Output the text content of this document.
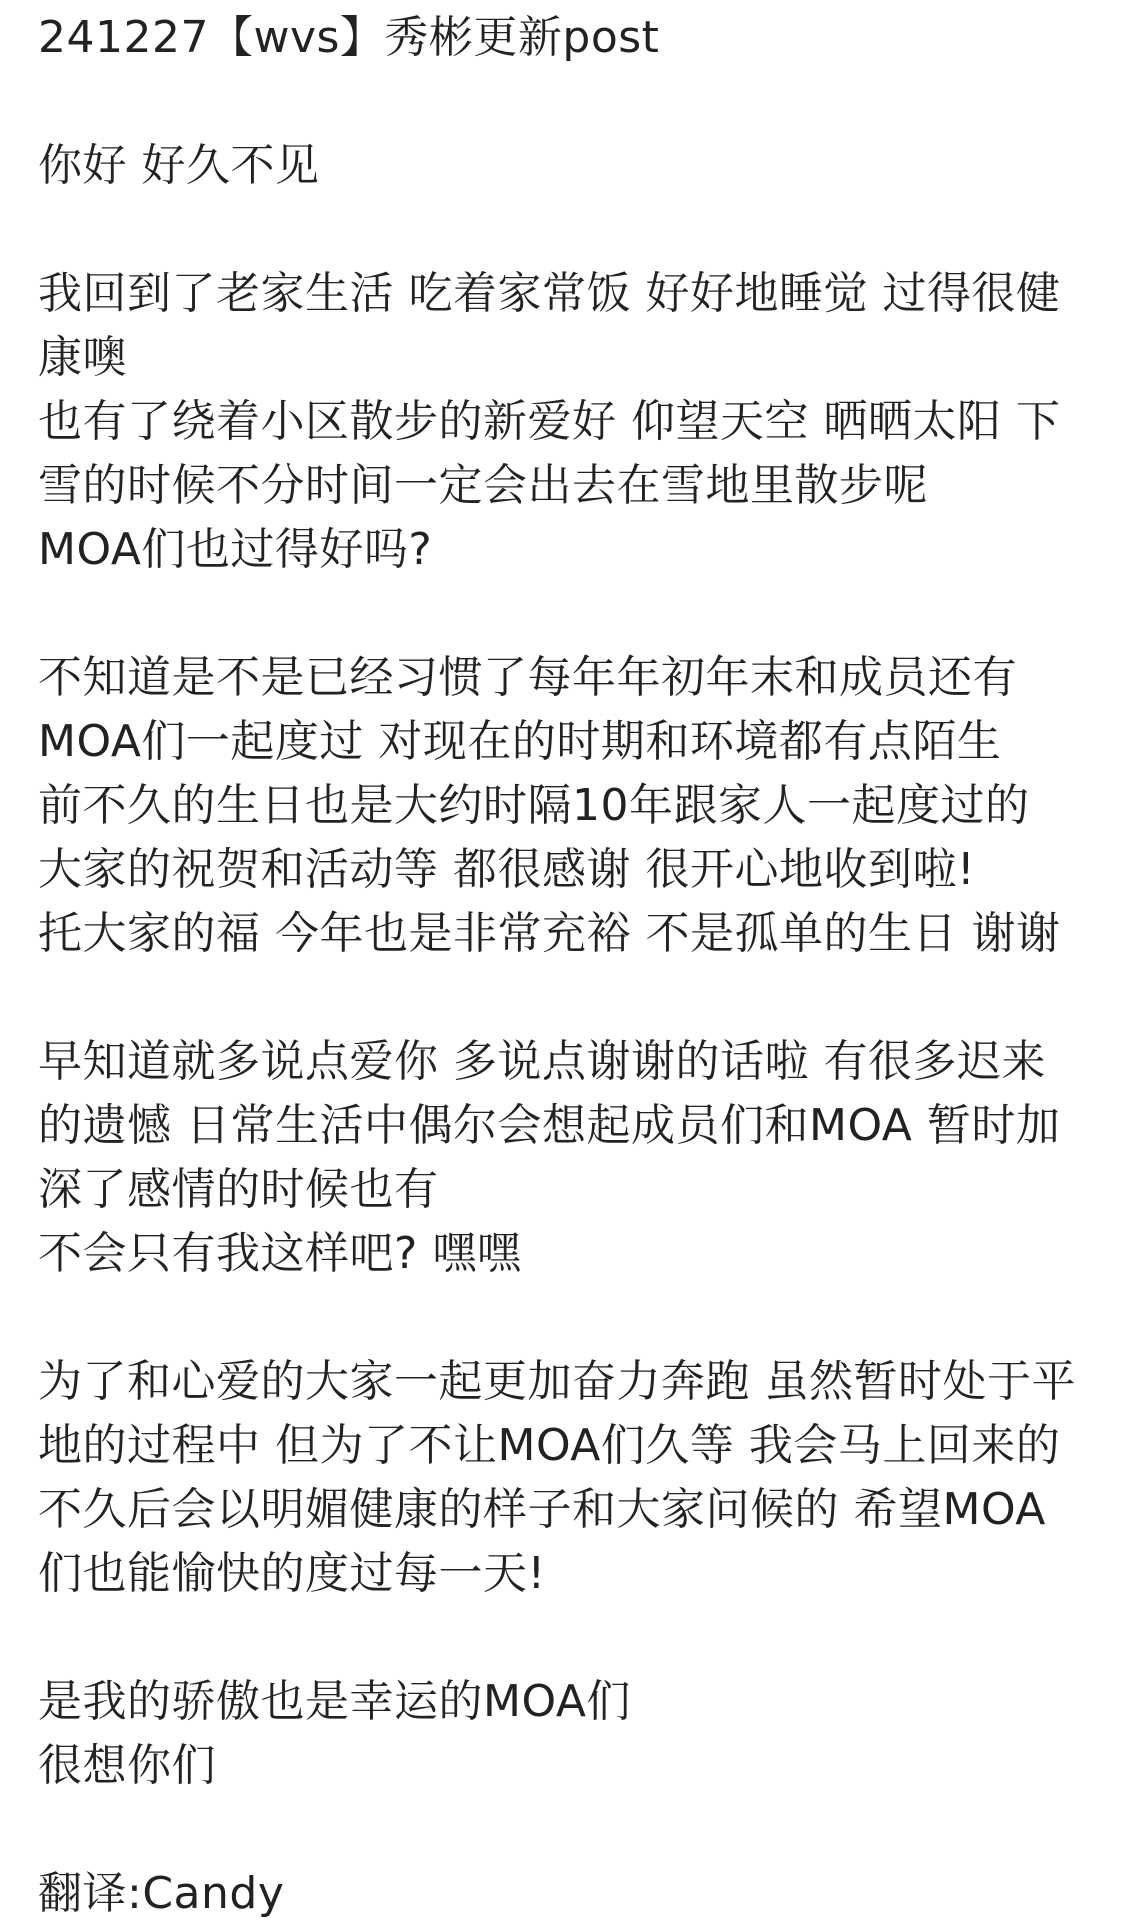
241227【wvs】秀彬更新post
你好 好久不见
我回到了老家生活 吃着家常饭 好好地睡觉 过得很健
康噢
也有了绕着小区散步的新爱好 仰望天空 晒晒太阳 下
雪的时候不分时间一定会出去在雪地里散步呢
MOA们也过得好吗?
不知道是不是已经习惯了每年年初年末和成员还有
MOA们一起度过 对现在的时期和环境都有点陌生
前不久的生日也是大约时隔10年跟家人一起度过的
大家的祝贺和活动等 都很感谢 很开心地收到啦!
托大家的福 今年也是非常充裕 不是孤单的生日 谢谢
早知道就多说点爱你 多说点谢谢的话啦 有很多迟来
的遗憾 日常生活中偶尔会想起成员们和MOA 暂时加
深了感情的时候也有
不会只有我这样吧? 嘿嘿
为了和心爱的大家一起更加奋力奔跑 虽然暂时处于平
地的过程中 但为了不让MOA们久等 我会马上回来的
不久后会以明媚健康的样子和大家问候的 希望MOA
们也能愉快的度过每一天!
是我的骄傲也是幸运的MOA们
很想你们
翻译:Candy
